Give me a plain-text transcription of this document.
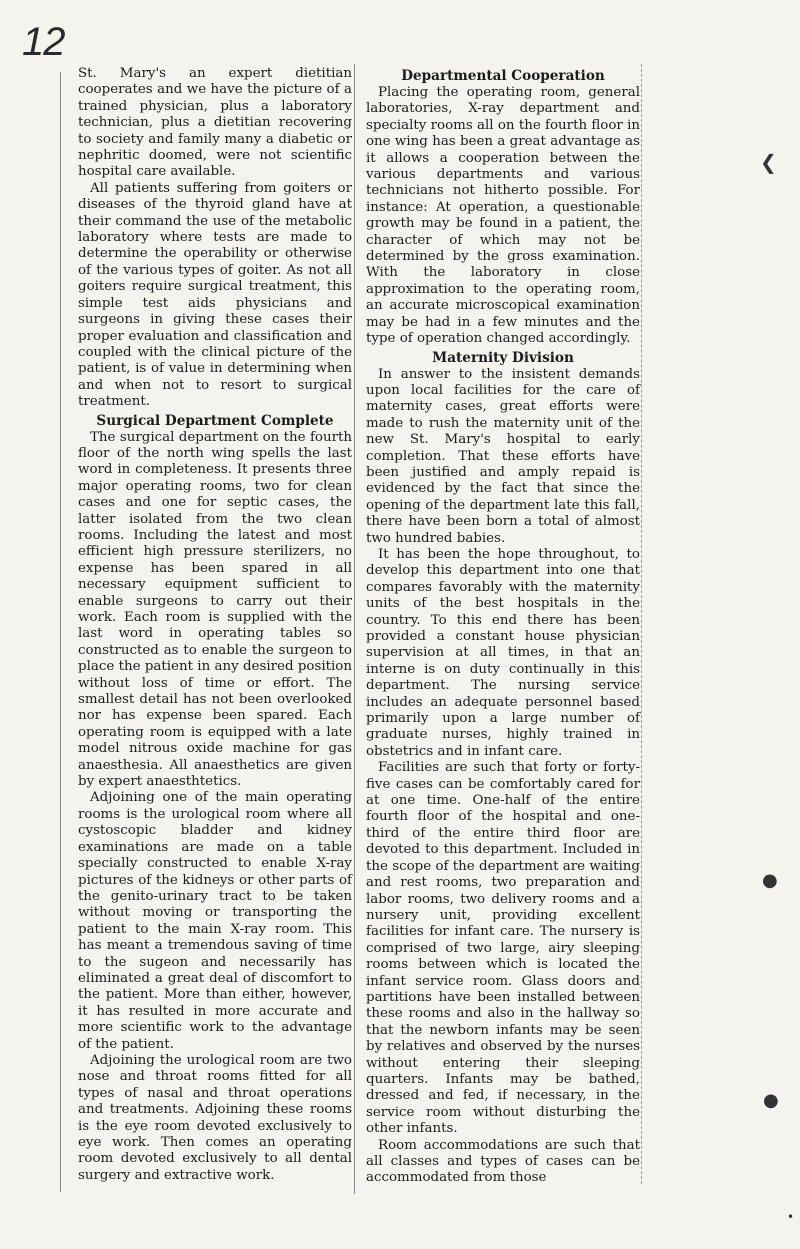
12

St. Mary's an expert dietitian cooperates and we have the picture of a trained physician, plus a laboratory technician, plus a dietitian recovering to society and family many a diabetic or nephritic doomed, were not scientific hospital care available.

All patients suffering from goiters or diseases of the thyroid gland have at their command the use of the metabolic laboratory where tests are made to determine the operability or otherwise of the various types of goiter. As not all goiters require surgical treatment, this simple test aids physicians and surgeons in giving these cases their proper evaluation and classification and coupled with the clinical picture of the patient, is of value in determining when and when not to resort to surgical treatment.

Surgical Department Complete

The surgical department on the fourth floor of the north wing spells the last word in completeness. It presents three major operating rooms, two for clean cases and one for septic cases, the latter isolated from the two clean rooms. Including the latest and most efficient high pressure sterilizers, no expense has been spared in all necessary equipment sufficient to enable surgeons to carry out their work. Each room is supplied with the last word in operating tables so constructed as to enable the surgeon to place the patient in any desired position without loss of time or effort. The smallest detail has not been overlooked nor has expense been spared. Each operating room is equipped with a late model nitrous oxide machine for gas anaesthesia. All anaesthetics are given by expert anaesthtetics.

Adjoining one of the main operating rooms is the urological room where all cystoscopic bladder and kidney examinations are made on a table specially constructed to enable X-ray pictures of the kidneys or other parts of the genito-urinary tract to be taken without moving or transporting the patient to the main X-ray room. This has meant a tremendous saving of time to the sugeon and necessarily has eliminated a great deal of discomfort to the patient. More than either, however, it has resulted in more accurate and more scientific work to the advantage of the patient.

Adjoining the urological room are two nose and throat rooms fitted for all types of nasal and throat operations and treatments. Adjoining these rooms is the eye room devoted exclusively to eye work. Then comes an operating room devoted exclusively to all dental surgery and extractive work.

Departmental Cooperation

Placing the operating room, general laboratories, X-ray department and specialty rooms all on the fourth floor in one wing has been a great advantage as it allows a cooperation between the various departments and various technicians not hitherto possible. For instance: At operation, a questionable growth may be found in a patient, the character of which may not be determined by the gross examination. With the laboratory in close approximation to the operating room, an accurate microscopical examination may be had in a few minutes and the type of operation changed accordingly.

Maternity Division

In answer to the insistent demands upon local facilities for the care of maternity cases, great efforts were made to rush the maternity unit of the new St. Mary's hospital to early completion. That these efforts have been justified and amply repaid is evidenced by the fact that since the opening of the department late this fall, there have been born a total of almost two hundred babies.

It has been the hope throughout, to develop this department into one that compares favorably with the maternity units of the best hospitals in the country. To this end there has been provided a constant house physician supervision at all times, in that an interne is on duty continually in this department. The nursing service includes an adequate personnel based primarily upon a large number of graduate nurses, highly trained in obstetrics and in infant care.

Facilities are such that forty or forty-five cases can be comfortably cared for at one time. One-half of the entire fourth floor of the hospital and one-third of the entire third floor are devoted to this department. Included in the scope of the department are waiting and rest rooms, two preparation and labor rooms, two delivery rooms and a nursery unit, providing excellent facilities for infant care. The nursery is comprised of two large, airy sleeping rooms between which is located the infant service room. Glass doors and partitions have been installed between these rooms and also in the hallway so that the newborn infants may be seen by relatives and observed by the nurses without entering their sleeping quarters. Infants may be bathed, dressed and fed, if necessary, in the service room without disturbing the other infants.

Room accommodations are such that all classes and types of cases can be accommodated from those

❮
●
●
•
